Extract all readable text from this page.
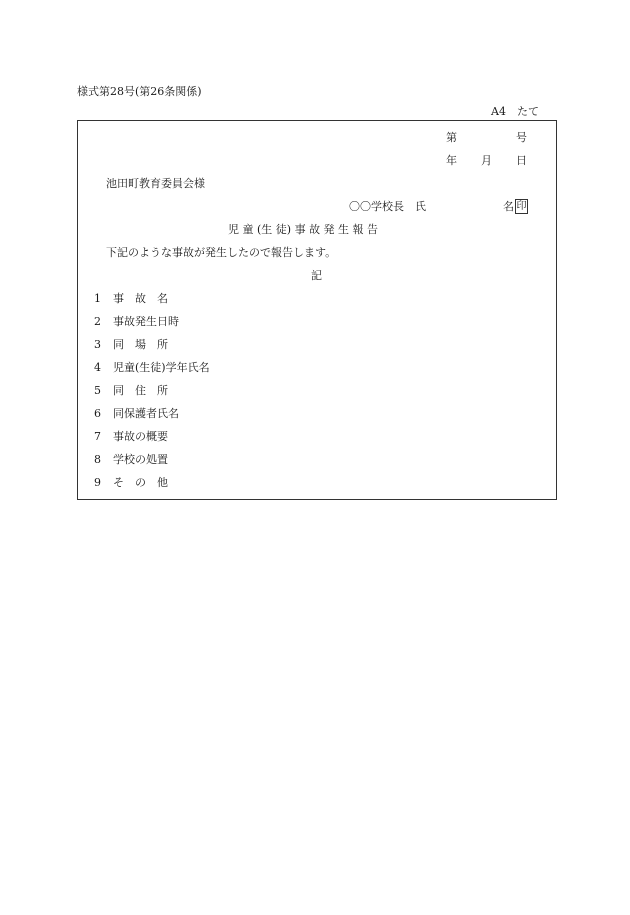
様式第28号(第26条関係)
A4　たて
第	号
年 月 日
池田町教育委員会様
〇〇学校長　氏	名 印
児 童 (生 徒) 事 故 発 生 報 告
下記のような事故が発生したので報告します。
記
1 事　故　名
2 事故発生日時
3 同　場　所
4 児童(生徒)学年氏名
5 同　住　所
6 同保護者氏名
7 事故の概要
8 学校の処置
9 そ　の　他
